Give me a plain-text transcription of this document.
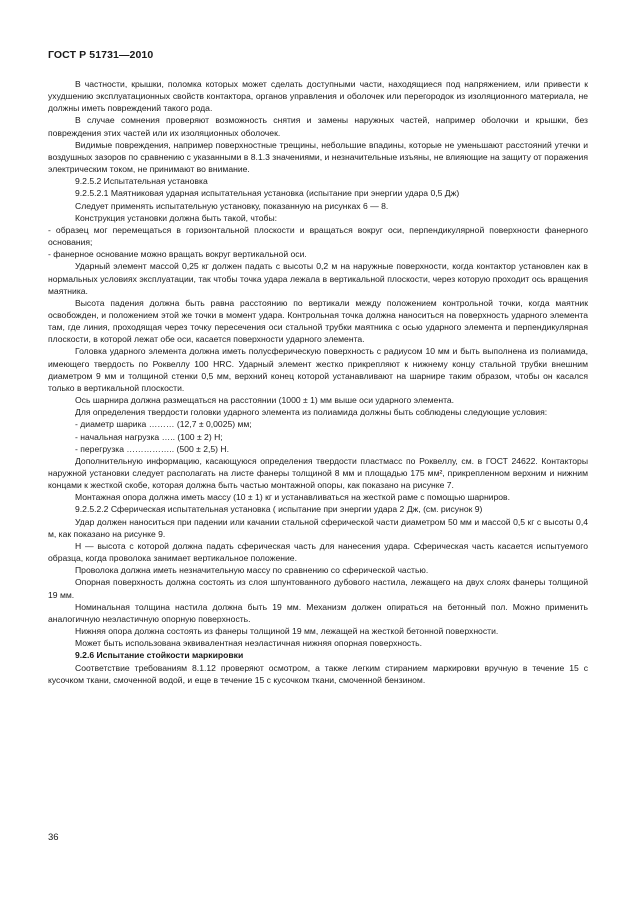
ГОСТ Р 51731—2010

В частности, крышки, поломка которых может сделать доступными части, находящиеся под напряжением, или привести к ухудшению эксплуатационных свойств контактора, органов управления и оболочек или перегородок из изоляционного материала, не должны иметь повреждений такого рода.

В случае сомнения проверяют возможность снятия и замены наружных частей, например оболочки и крышки, без повреждения этих частей или их изоляционных оболочек.

Видимые повреждения, например поверхностные трещины, небольшие впадины, которые не уменьшают расстояний утечки и воздушных зазоров по сравнению с указанными в 8.1.3 значениями, и незначительные изъяны, не влияющие на защиту от поражения электрическим током, не принимают во внимание.

9.2.5.2 Испытательная установка

9.2.5.2.1 Маятниковая ударная испытательная установка (испытание при энергии удара 0,5 Дж)

Следует применять испытательную установку, показанную на рисунках 6 — 8.

Конструкция установки должна быть такой, чтобы:

- образец мог перемещаться в горизонтальной плоскости и вращаться вокруг оси, перпендикулярной поверхности фанерного основания;

- фанерное основание можно вращать вокруг вертикальной оси.

Ударный элемент массой 0,25 кг должен падать с высоты 0,2 м на наружные поверхности, когда контактор установлен как в нормальных условиях эксплуатации, так чтобы точка удара лежала в вертикальной плоскости, через которую проходит ось вращения маятника.

Высота падения должна быть равна расстоянию по вертикали между положением контрольной точки, когда маятник освобожден, и положением этой же точки в момент удара. Контрольная точка должна наноситься на поверхность ударного элемента там, где линия, проходящая через точку пересечения оси стальной трубки маятника с осью ударного элемента и перпендикулярная плоскости, в которой лежат обе оси, касается поверхности ударного элемента.

Головка ударного элемента должна иметь полусферическую поверхность с радиусом 10 мм и быть выполнена из полиамида, имеющего твердость по Роквеллу 100 HRC. Ударный элемент жестко прикрепляют к нижнему концу стальной трубки внешним диаметром 9 мм и толщиной стенки 0,5 мм, верхний конец которой устанавливают на шарнире таким образом, чтобы он касался только в вертикальной плоскости.

Ось шарнира должна размещаться на расстоянии (1000 ± 1) мм выше оси ударного элемента.

Для определения твердости головки ударного элемента из полиамида должны быть соблюдены следующие условия:

- диаметр шарика ……… (12,7 ± 0,0025) мм;

- начальная нагрузка ….. (100 ± 2) Н;

- перегрузка …………….. (500 ± 2,5) Н.

Дополнительную информацию, касающуюся определения твердости пластмасс по Роквеллу, см. в ГОСТ 24622. Контакторы наружной установки следует располагать на листе фанеры толщиной 8 мм и площадью 175 мм², прикрепленном верхним и нижним концами к жесткой скобе, которая должна быть частью монтажной опоры, как показано на рисунке 7.

Монтажная опора должна иметь массу (10 ± 1) кг и устанавливаться на жесткой раме с помощью шарниров.

9.2.5.2.2 Сферическая испытательная установка ( испытание при энергии удара 2 Дж, (см. рисунок 9)

Удар должен наноситься при падении или качании стальной сферической части диаметром 50 мм и массой 0,5 кг с высоты 0,4 м, как показано на рисунке 9.

H — высота с которой должна падать сферическая часть для нанесения удара. Сферическая часть касается испытуемого образца, когда проволока занимает вертикальное положение.

Проволока должна иметь незначительную массу по сравнению со сферической частью.

Опорная поверхность должна состоять из слоя шпунтованного дубового настила, лежащего на двух слоях фанеры толщиной 19 мм.

Номинальная толщина настила должна быть 19 мм. Механизм должен опираться на бетонный пол. Можно применить аналогичную неэластичную опорную поверхность.

Нижняя опора должна состоять из фанеры толщиной 19 мм, лежащей на жесткой бетонной поверхности.

Может быть использована эквивалентная неэластичная нижняя опорная поверхность.

9.2.6 Испытание стойкости маркировки

Соответствие требованиям 8.1.12 проверяют осмотром, а также легким стиранием маркировки вручную в течение 15 с кусочком ткани, смоченной водой, и еще в течение 15 с кусочком ткани, смоченной бензином.

36
